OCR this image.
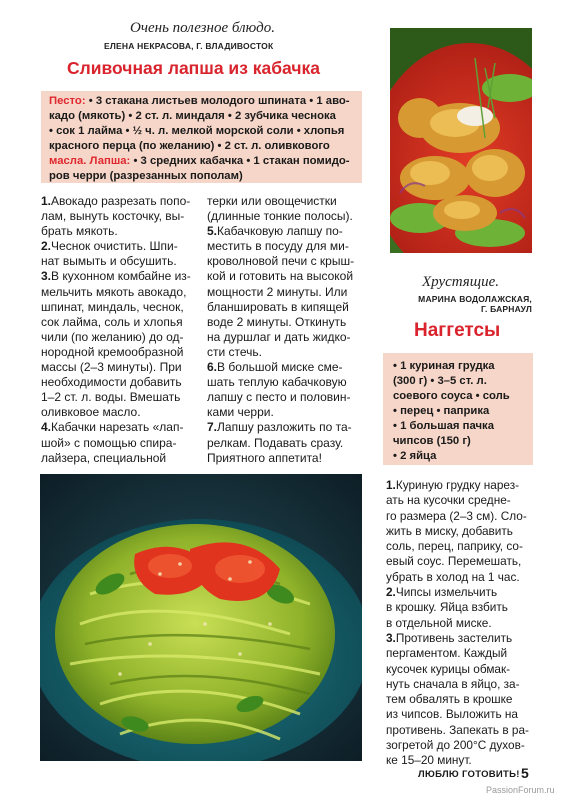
Очень полезное блюдо.
ЕЛЕНА НЕКРАСОВА, Г. ВЛАДИВОСТОК
Сливочная лапша из кабачка
Песто: • 3 стакана листьев молодого шпината • 1 аво-
кадо (мякоть) • 2 ст. л. миндаля • 2 зубчика чеснока
• сок 1 лайма • ½ ч. л. мелкой морской соли • хлопья
красного перца (по желанию) • 2 ст. л. оливкового
масла. Лапша: • 3 средних кабачка • 1 стакан помидо-
ров черри (разрезанных пополам)

1.Авокадо разрезать попо-

лам, вынуть косточку, вы-

брать мякоть.

2.Чеснок очистить. Шпи-

нат вымыть и обсушить.

3.В кухонном комбайне из-

мельчить мякоть авокадо,

шпинат, миндаль, чеснок,

сок лайма, соль и хлопья

чили (по желанию) до од-

нородной кремообразной

массы (2–3 минуты). При

необходимости добавить

1–2 ст. л. воды. Вмешать

оливковое масло.

4.Кабачки нарезать «лап-

шой» с помощью спира-

лайзера, специальной

терки или овощечистки

(длинные тонкие полосы).

5.Кабачковую лапшу по-

местить в посуду для ми-

кроволновой печи с крыш-

кой и готовить на высокой

мощности 2 минуты. Или

бланшировать в кипящей

воде 2 минуты. Откинуть

на дуршлаг и дать жидко-

сти стечь.

6.В большой миске сме-

шать теплую кабачковую

лапшу с песто и половин-

ками черри.

7.Лапшу разложить по та-

релкам. Подавать сразу.

Приятного аппетита!

Хрустящие.
МАРИНА ВОДОЛАЖСКАЯ,
Г. БАРНАУЛ
Наггетсы
• 1 куриная грудка
(300 г) • 3–5 ст. л.
соевого соуса • соль
• перец • паприка
• 1 большая пачка
чипсов (150 г)
• 2 яйца

1.Куриную грудку нарез-

ать на кусочки средне-

го размера (2–3 см). Сло-

жить в миску, добавить

соль, перец, паприку, со-

евый соус. Перемешать,

убрать в холод на 1 час.

2.Чипсы измельчить

в крошку. Яйца взбить

в отдельной миске.

3.Противень застелить

пергаментом. Каждый

кусочек курицы обмак-

нуть сначала в яйцо, за-

тем обвалять в крошке

из чипсов. Выложить на

противень. Запекать в ра-

зогретой до 200°С духов-

ке 15–20 минут.

ЛЮБЛЮ ГОТОВИТЬ! 5
PassionForum.ru
